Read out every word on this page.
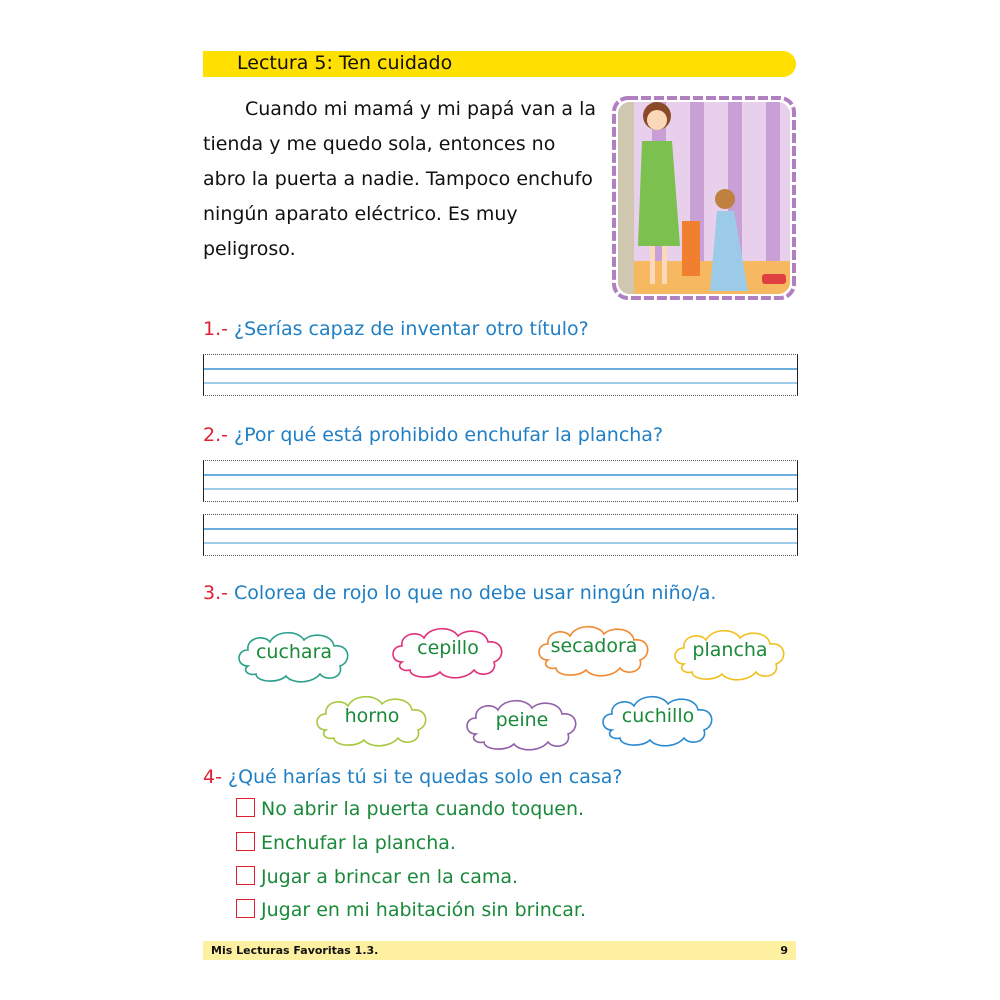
Lectura 5: Ten cuidado
Cuando mi mamá y mi papá van a la tienda y me quedo sola, entonces no abro la puerta a nadie. Tampoco enchufo ningún aparato eléctrico. Es muy peligroso.
1.- ¿Serías capaz de inventar otro título?
2.- ¿Por qué está prohibido enchufar la plancha?
3.- Colorea de rojo lo que no debe usar ningún niño/a.
cuchara	cepillo	secadora	plancha
horno	peine	cuchillo
4- ¿Qué harías tú si te quedas solo en casa?
No abrir la puerta cuando toquen.
Enchufar la plancha.
Jugar a brincar en la cama.
Jugar en mi habitación sin brincar.
Mis Lecturas Favoritas 1.3.	9
